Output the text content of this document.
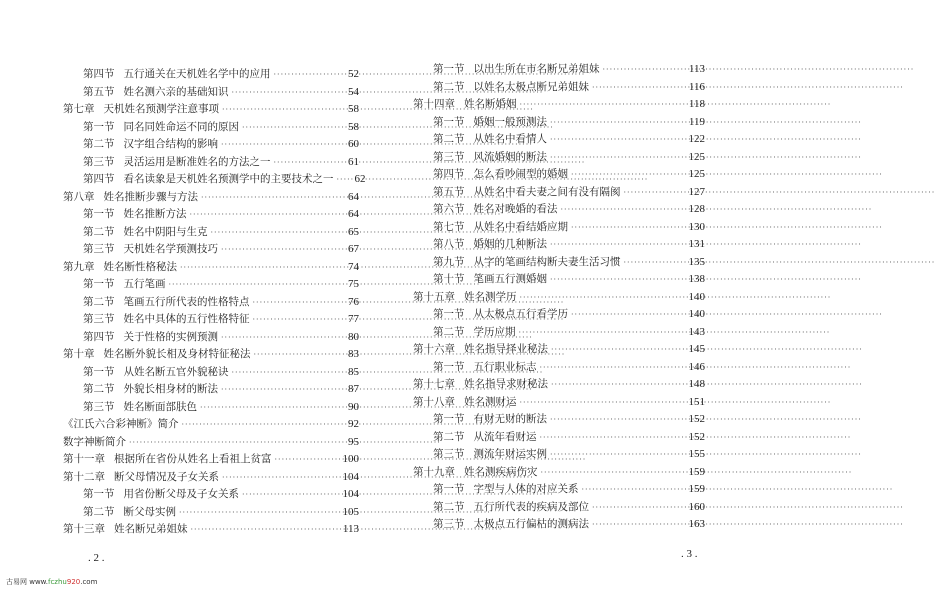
第四节 五行通关在天机姓名学中的应用 ·····	52
第五节 姓名测六亲的基础知识 ·····	54
第七章 天机姓名预测学注意事项 ·····	58
第一节 同名同姓命运不同的原因 ·····	58
第二节 汉字组合结构的影响 ·····	60
第三节 灵活运用是断准姓名的方法之一 ·····	61
第四节 看名读象是天机姓名预测学中的主要技术之一 ·····	62
第八章 姓名推断步骤与方法 ·····	64
第一节 姓名推断方法 ·····	64
第二节 姓名中阴阳与生克 ·····	65
第三节 天机姓名学预测技巧 ·····	67
第九章 姓名断性格秘法 ·····	74
第一节 五行笔画 ·····	75
第二节 笔画五行所代表的性格特点 ·····	76
第三节 姓名中具体的五行性格特征 ·····	77
第四节 关于性格的实例预测 ·····	80
第十章 姓名断外貌长相及身材特征秘法 ·····	83
第一节 从姓名断五官外貌秘诀 ·····	85
第二节 外貌长相身材的断法 ·····	87
第三节 姓名断面部肤色 ·····	90
《江氏六合彩神断》简介 ·····	92
数字神断简介 ·····	95
第十一章 根据所在省份从姓名上看祖上贫富 ·····	100
第十二章 断父母情况及子女关系 ·····	104
第一节 用省份断父母及子女关系 ·····	104
第二节 断父母实例 ·····	105
第十三章 姓名断兄弟姐妹 ·····	113
. 2 .
第一节 以出生所在市名断兄弟姐妹 ·····	113
第二节 以姓名太极点断兄弟姐妹 ·····	116
第十四章 姓名断婚姻 ·····	118
第一节 婚姻一般预测法 ·····	119
第二节 从姓名中看情人 ·····	122
第三节 风流婚姻的断法 ·····	125
第四节 怎么看吵闹型的婚姻 ·····	125
第五节 从姓名中看夫妻之间有没有隔阂 ·····	127
第六节 姓名对晚婚的看法 ·····	128
第七节 从姓名中看结婚应期 ·····	130
第八节 婚姻的几种断法 ·····	131
第九节 从字的笔画结构断夫妻生活习惯 ·····	135
第十节 笔画五行测婚姻 ·····	138
第十五章 姓名测学历 ·····	140
第一节 从太极点五行看学历 ·····	140
第二节 学历应期 ·····	143
第十六章 姓名指导择业秘法 ·····	145
第一节 五行职业标志 ·····	146
第十七章 姓名指导求财秘法 ·····	148
第十八章 姓名测财运 ·····	151
第一节 有财无财的断法 ·····	152
第二节 从流年看财运 ·····	152
第三节 测流年财运实例 ·····	155
第十九章 姓名测疾病伤灾 ·····	159
第一节 字型与人体的对应关系 ·····	159
第二节 五行所代表的疾病及部位 ·····	160
第三节 太极点五行偏枯的测病法 ·····	163
. 3 .
古易网 www.fczhu920.com
